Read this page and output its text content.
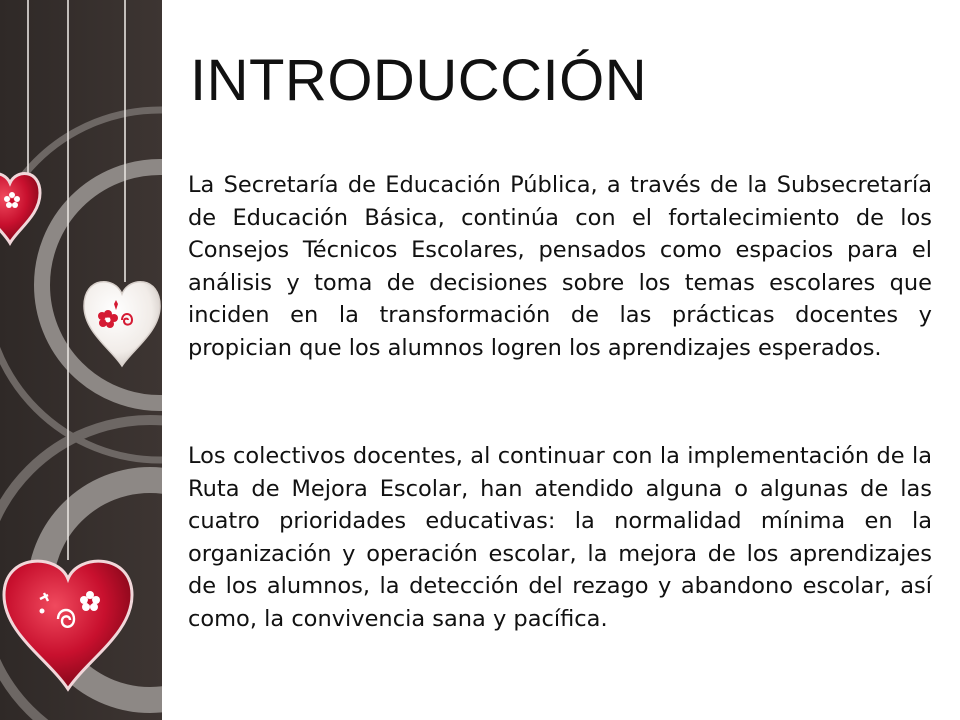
INTRODUCCIÓN

La Secretaría de Educación Pública, a través de la Subsecretaría de Educación Básica, continúa con el fortalecimiento de los Consejos Técnicos Escolares, pensados como espacios para el análisis y toma de decisiones sobre los temas escolares que inciden en la transformación de las prácticas docentes y propician que los alumnos logren los aprendizajes esperados.

Los colectivos docentes, al continuar con la implementación de la Ruta de Mejora Escolar, han atendido alguna o algunas de las cuatro prioridades educativas: la normalidad mínima en la organización y operación escolar, la mejora de los aprendizajes de los alumnos, la detección del rezago y abandono escolar, así como, la convivencia sana y pacífica.
